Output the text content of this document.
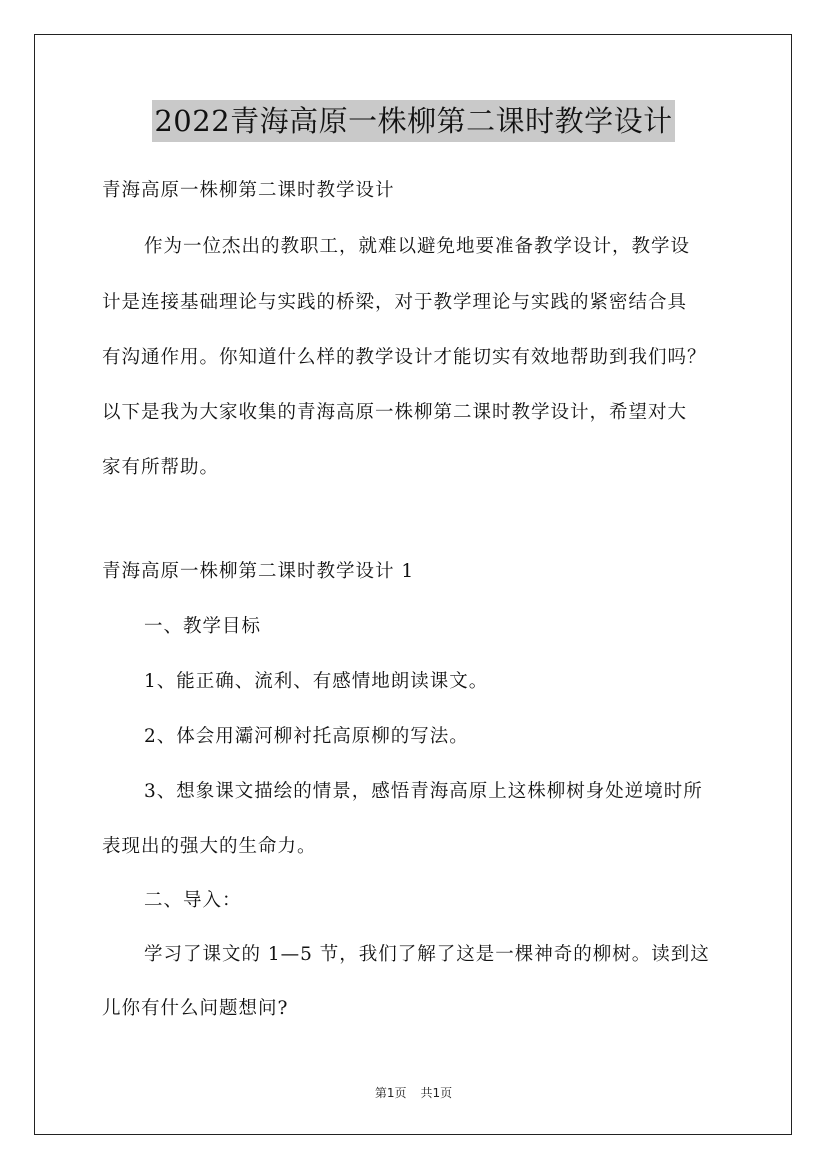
2022青海高原一株柳第二课时教学设计
青海高原一株柳第二课时教学设计
作为一位杰出的教职工，就难以避免地要准备教学设计，教学设
计是连接基础理论与实践的桥梁，对于教学理论与实践的紧密结合具
有沟通作用。你知道什么样的教学设计才能切实有效地帮助到我们吗？
以下是我为大家收集的青海高原一株柳第二课时教学设计，希望对大
家有所帮助。
青海高原一株柳第二课时教学设计 1
一、教学目标
1、能正确、流利、有感情地朗读课文。
2、体会用灞河柳衬托高原柳的写法。
3、想象课文描绘的情景，感悟青海高原上这株柳树身处逆境时所
表现出的强大的生命力。
二、导入：
学习了课文的 1—5 节，我们了解了这是一棵神奇的柳树。读到这
儿你有什么问题想问?
第1页 共1页
